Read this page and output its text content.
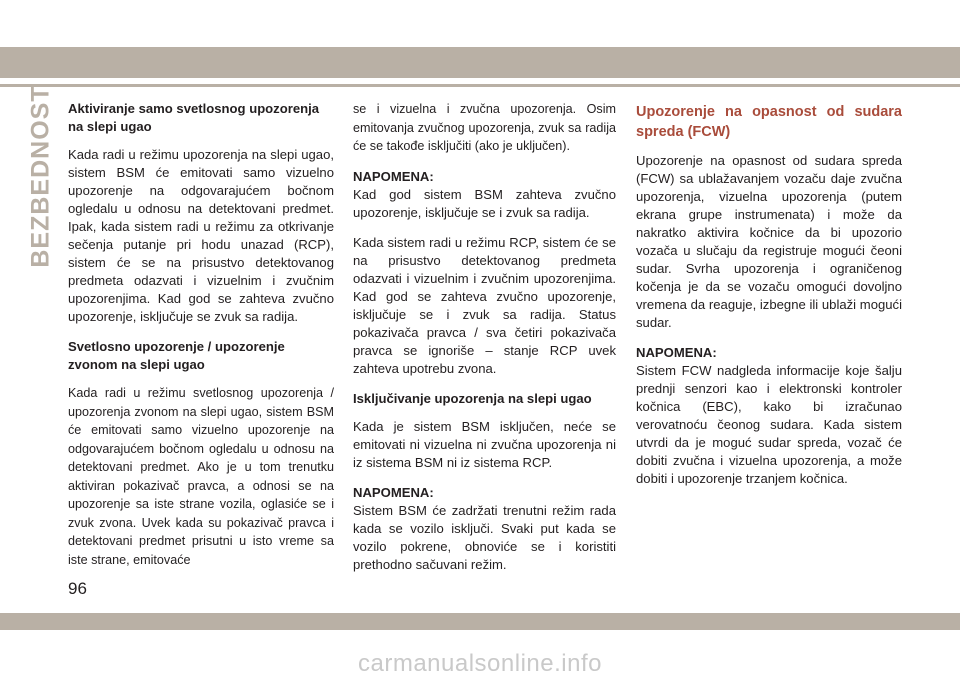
BEZBEDNOST Aktiviranje samo svetlosnog upozorenja na slepi ugao

Kada radi u režimu upozorenja na slepi ugao, sistem BSM će emitovati samo vizuelno upozorenje na odgovarajućem bočnom ogledalu u odnosu na detektovani predmet. Ipak, kada sistem radi u režimu za otkrivanje sečenja putanje pri hodu unazad (RCP), sistem će se na prisustvo detektovanog predmeta odazvati i vizuelnim i zvučnim upozorenjima. Kad god se zahteva zvučno upozorenje, isključuje se zvuk sa radija.

Svetlosno upozorenje / upozorenje zvonom na slepi ugao

Kada radi u režimu svetlosnog upozorenja / upozorenja zvonom na slepi ugao, sistem BSM će emitovati samo vizuelno upozorenje na odgovarajućem bočnom ogledalu u odnosu na detektovani predmet. Ako je u tom trenutku aktiviran pokazivač pravca, a odnosi se na upozorenje sa iste strane vozila, oglasiće se i zvuk zvona. Uvek kada su pokazivač pravca i detektovani predmet prisutni u isto vreme sa iste strane, emitovaće

se i vizuelna i zvučna upozorenja. Osim emitovanja zvučnog upozorenja, zvuk sa radija će se takođe isključiti (ako je uključen).

NAPOMENA:

Kad god sistem BSM zahteva zvučno upozorenje, isključuje se i zvuk sa radija.

Kada sistem radi u režimu RCP, sistem će se na prisustvo detektovanog predmeta odazvati i vizuelnim i zvučnim upozorenjima. Kad god se zahteva zvučno upozorenje, isključuje se i zvuk sa radija. Status pokazivača pravca / sva četiri pokazivača pravca se ignoriše – stanje RCP uvek zahteva upotrebu zvona.

Isključivanje upozorenja na slepi ugao

Kada je sistem BSM isključen, neće se emitovati ni vizuelna ni zvučna upozorenja ni iz sistema BSM ni iz sistema RCP.

NAPOMENA:

Sistem BSM će zadržati trenutni režim rada kada se vozilo isključi. Svaki put kada se vozilo pokrene, obnoviće se i koristiti prethodno sačuvani režim.

Upozorenje na opasnost od sudara spreda (FCW)

Upozorenje na opasnost od sudara spreda (FCW) sa ublažavanjem vozaču daje zvučna upozorenja, vizuelna upozorenja (putem ekrana grupe instrumenata) i može da nakratko aktivira kočnice da bi upozorio vozača u slučaju da registruje mogući čeoni sudar. Svrha upozorenja i ograničenog kočenja je da se vozaču omogući dovoljno vremena da reaguje, izbegne ili ublaži mogući sudar.

NAPOMENA:

Sistem FCW nadgleda informacije koje šalju prednji senzori kao i elektronski kontroler kočnica (EBC), kako bi izračunao verovatnoću čeonog sudara. Kada sistem utvrdi da je moguć sudar spreda, vozač će dobiti zvučna i vizuelna upozorenja, a može dobiti i upozorenje trzanjem kočnica.

96
carmanualsonline.info
